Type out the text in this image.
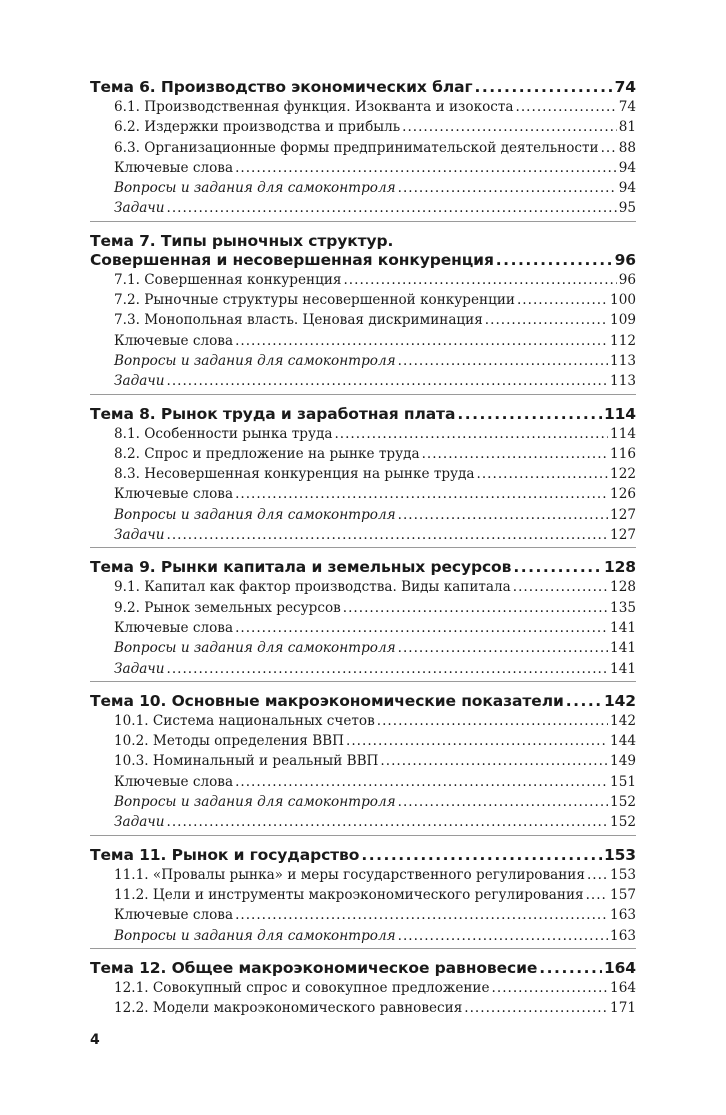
Тема 6. Производство экономических благ .....	74
6.1. Производственная функция. Изокванта и изокоста .....	74
6.2. Издержки производства и прибыль .....	81
6.3. Организационные формы предпринимательской деятельности ..... 88
Ключевые слова .....	94
Вопросы и задания для самоконтроля .....	94
Задачи .....	95
Тема 7. Типы рыночных структур.
Совершенная и несовершенная конкуренция .....	96
7.1. Совершенная конкуренция .....	96
7.2. Рыночные структуры несовершенной конкуренции .....	100
7.3. Монопольная власть. Ценовая дискриминация .....	109
Ключевые слова .....	112
Вопросы и задания для самоконтроля .....	113
Задачи .....	113
Тема 8. Рынок труда и заработная плата .....	114
8.1. Особенности рынка труда .....	114
8.2. Спрос и предложение на рынке труда .....	116
8.3. Несовершенная конкуренция на рынке труда .....	122
Ключевые слова .....	126
Вопросы и задания для самоконтроля .....	127
Задачи .....	127
Тема 9. Рынки капитала и земельных ресурсов .....	128
9.1. Капитал как фактор производства. Виды капитала .....	128
9.2. Рынок земельных ресурсов .....	135
Ключевые слова .....	141
Вопросы и задания для самоконтроля .....	141
Задачи .....	141
Тема 10. Основные макроэкономические показатели .....	142
10.1. Система национальных счетов .....	142
10.2. Методы определения ВВП .....	144
10.3. Номинальный и реальный ВВП .....	149
Ключевые слова .....	151
Вопросы и задания для самоконтроля .....	152
Задачи .....	152
Тема 11. Рынок и государство .....	153
11.1. «Провалы рынка» и меры государственного регулирования ..... 153
11.2. Цели и инструменты макроэкономического регулирования ..... 157
Ключевые слова .....	163
Вопросы и задания для самоконтроля .....	163
Тема 12. Общее макроэкономическое равновесие .....	164
12.1. Совокупный спрос и совокупное предложение .....	164
12.2. Модели макроэкономического равновесия .....	171
4
